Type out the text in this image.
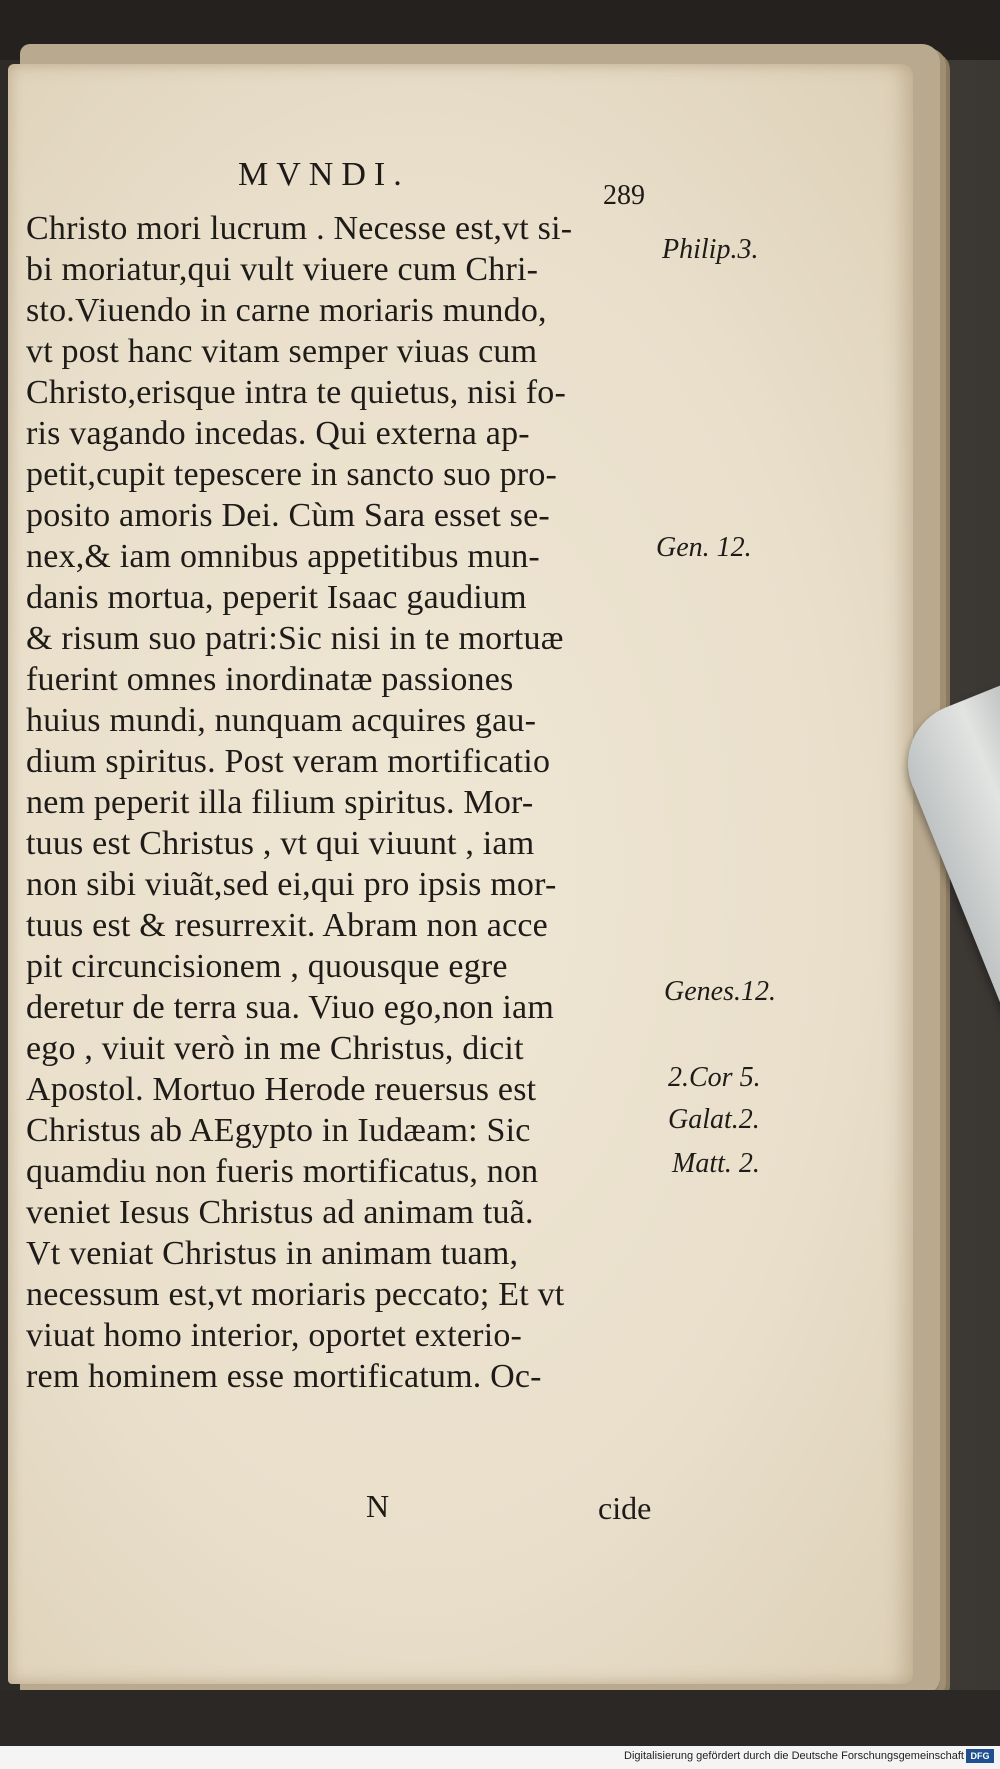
MVNDI.
289
Christo mori lucrum . Necesse est,vt si-
bi moriatur,qui vult viuere cum Chri-
sto.Viuendo in carne moriaris mundo,
vt post hanc vitam semper viuas cum
Christo,erisque intra te quietus, nisi fo-
ris vagando incedas. Qui externa ap-
petit,cupit tepescere in sancto suo pro-
posito amoris Dei. Cùm Sara esset se-
nex,& iam omnibus appetitibus mun-
danis mortua, peperit Isaac gaudium
& risum suo patri:Sic nisi in te mortuæ
fuerint omnes inordinatæ passiones
huius mundi, nunquam acquires gau-
dium spiritus. Post veram mortificatio
nem peperit illa filium spiritus. Mor-
tuus est Christus , vt qui viuunt , iam
non sibi viuãt,sed ei,qui pro ipsis mor-
tuus est & resurrexit. Abram non acce
pit circuncisionem , quousque egre
deretur de terra sua. Viuo ego,non iam
ego , viuit verò in me Christus, dicit
Apostol. Mortuo Herode reuersus est
Christus ab AEgypto in Iudæam: Sic
quamdiu non fueris mortificatus, non
veniet Iesus Christus ad animam tuã.
Vt veniat Christus in animam tuam,
necessum est,vt moriaris peccato; Et vt
viuat homo interior, oportet exterio-
rem hominem esse mortificatum. Oc-
Philip.3.
Gen. 12.
Genes.12.
2.Cor 5.
Galat.2.
Matt. 2.
N	cide
Digitalisierung gefördert durch die Deutsche Forschungsgemeinschaft DFG
